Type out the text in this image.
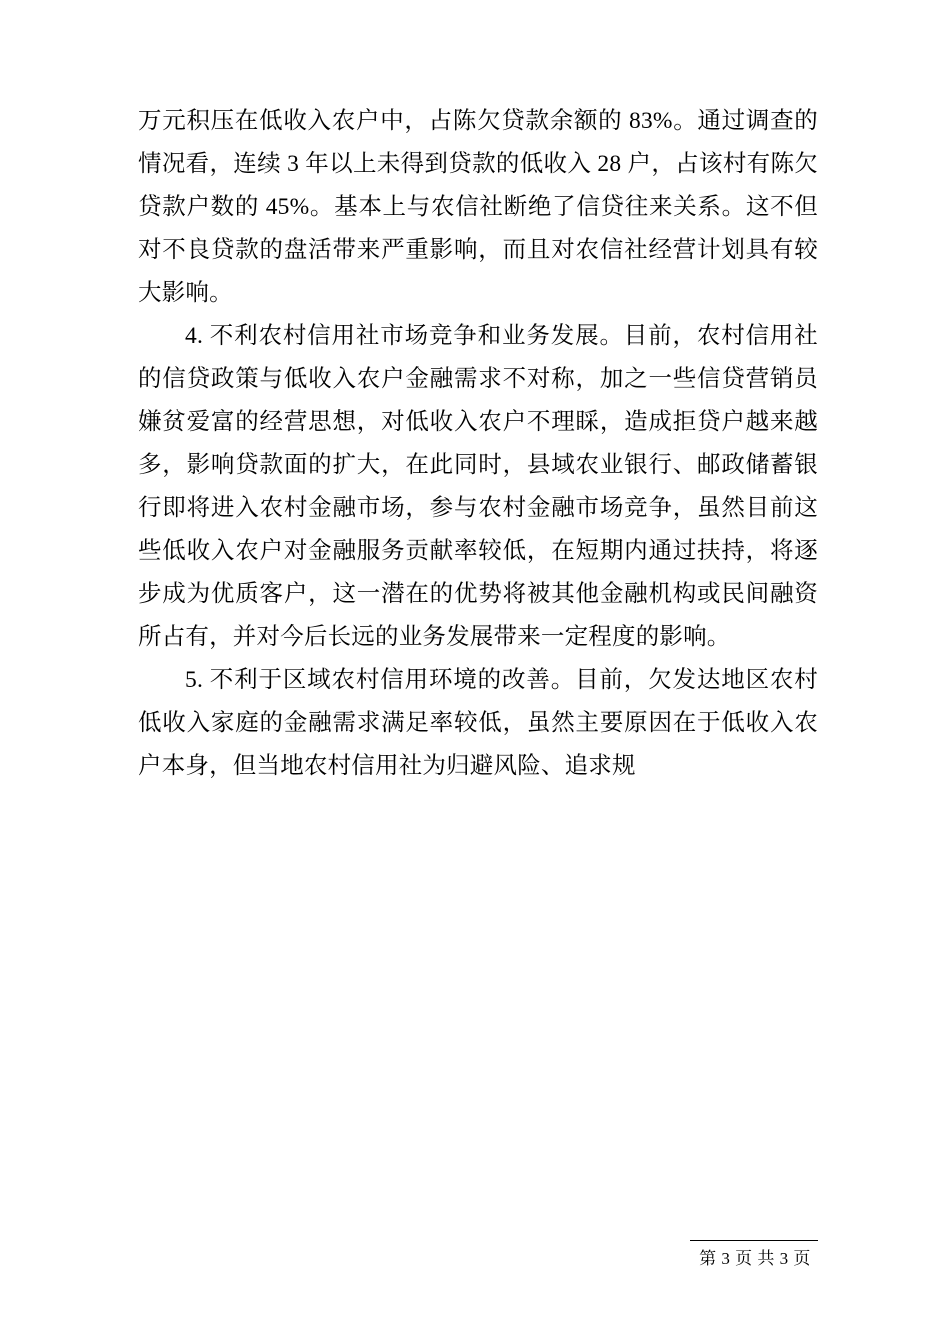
万元积压在低收入农户中，占陈欠贷款余额的 83%。通过调查的情况看，连续 3 年以上未得到贷款的低收入 28 户，占该村有陈欠贷款户数的 45%。基本上与农信社断绝了信贷往来关系。这不但对不良贷款的盘活带来严重影响，而且对农信社经营计划具有较大影响。

4. 不利农村信用社市场竞争和业务发展。目前，农村信用社的信贷政策与低收入农户金融需求不对称，加之一些信贷营销员嫌贫爱富的经营思想，对低收入农户不理睬，造成拒贷户越来越多，影响贷款面的扩大，在此同时，县域农业银行、邮政储蓄银行即将进入农村金融市场，参与农村金融市场竞争，虽然目前这些低收入农户对金融服务贡献率较低，在短期内通过扶持，将逐步成为优质客户，这一潜在的优势将被其他金融机构或民间融资所占有，并对今后长远的业务发展带来一定程度的影响。

5. 不利于区域农村信用环境的改善。目前，欠发达地区农村低收入家庭的金融需求满足率较低，虽然主要原因在于低收入农户本身，但当地农村信用社为归避风险、追求规

第 3 页 共 3 页
